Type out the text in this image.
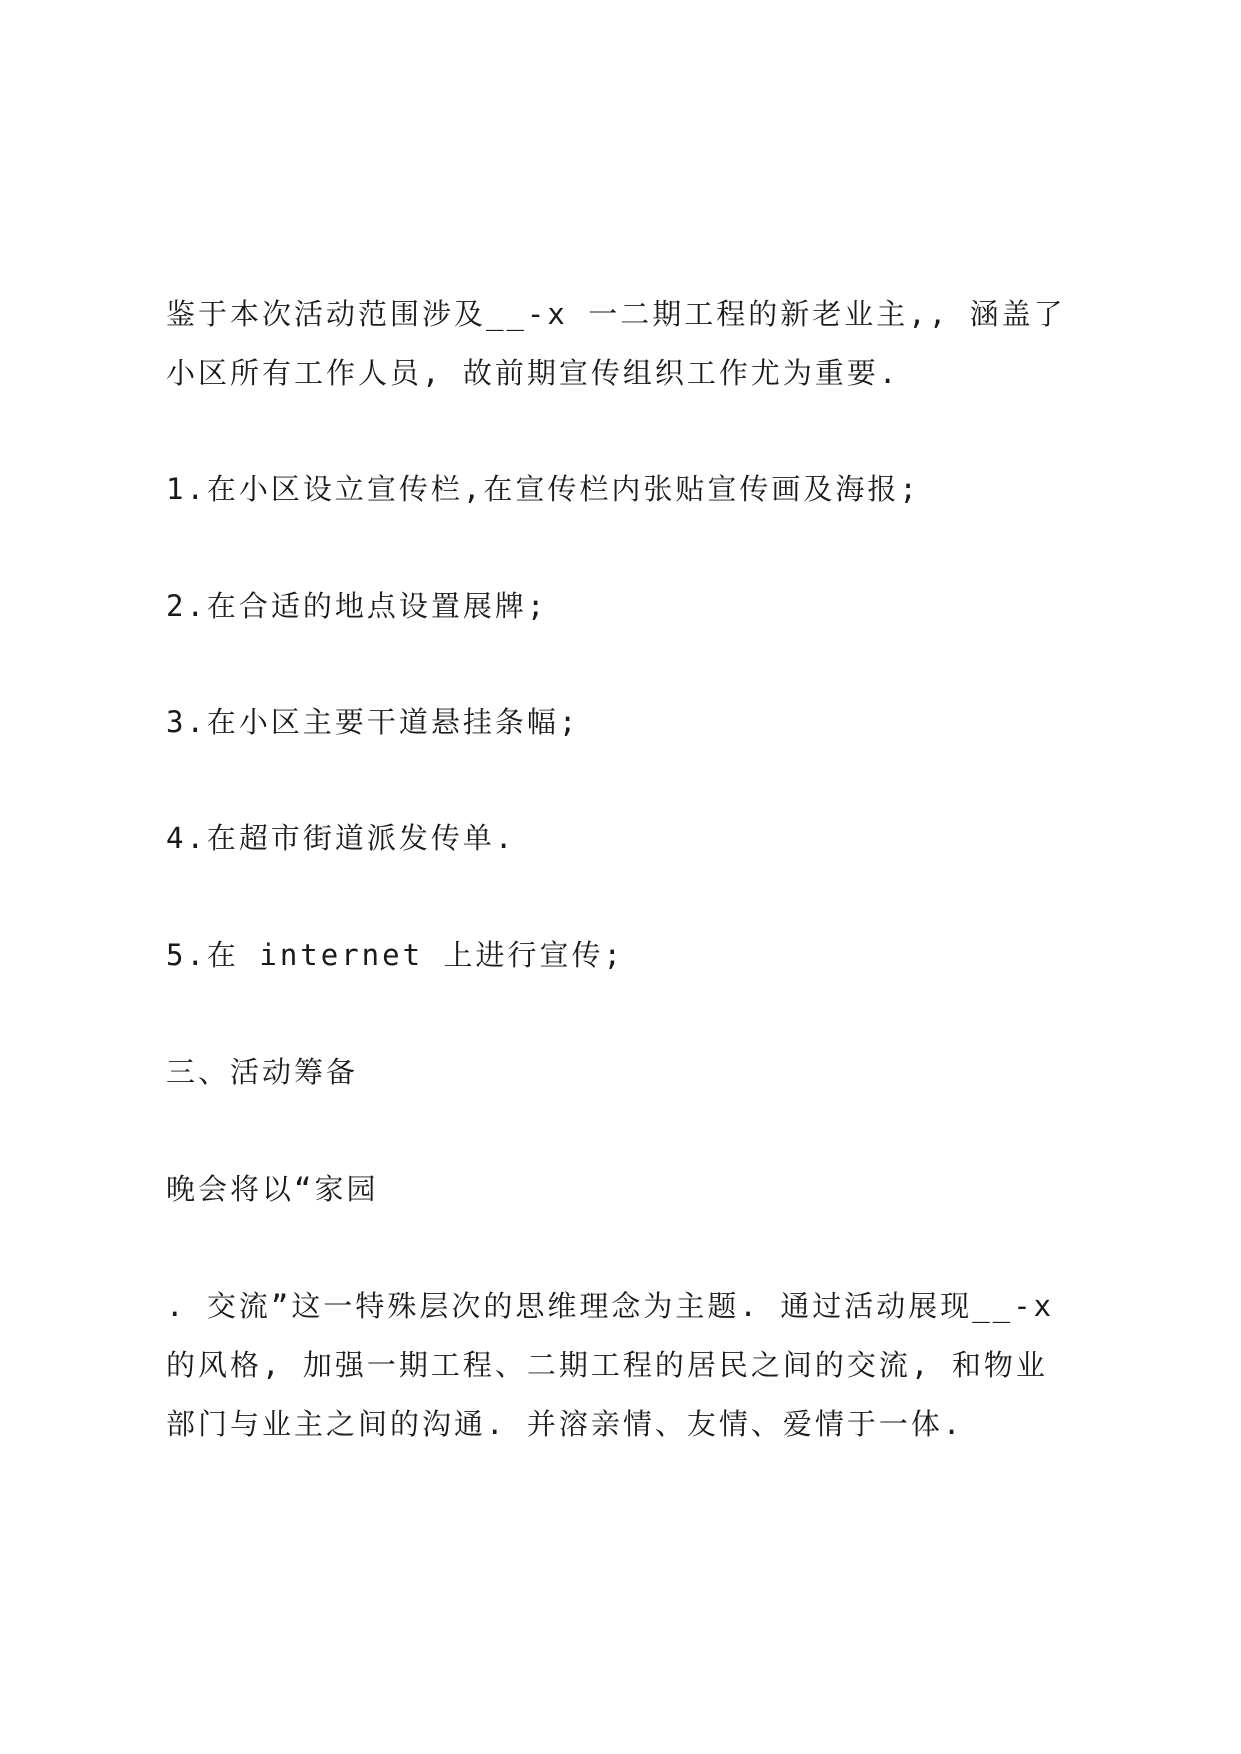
鉴于本次活动范围涉及__-x 一二期工程的新老业主,, 涵盖了
小区所有工作人员, 故前期宣传组织工作尤为重要.
1.在小区设立宣传栏,在宣传栏内张贴宣传画及海报;
2.在合适的地点设置展牌;
3.在小区主要干道悬挂条幅;
4.在超市街道派发传单.
5.在 internet 上进行宣传;
三、活动筹备
晚会将以“家园
. 交流”这一特殊层次的思维理念为主题. 通过活动展现__-x
的风格, 加强一期工程、二期工程的居民之间的交流, 和物业
部门与业主之间的沟通. 并溶亲情、友情、爱情于一体.
